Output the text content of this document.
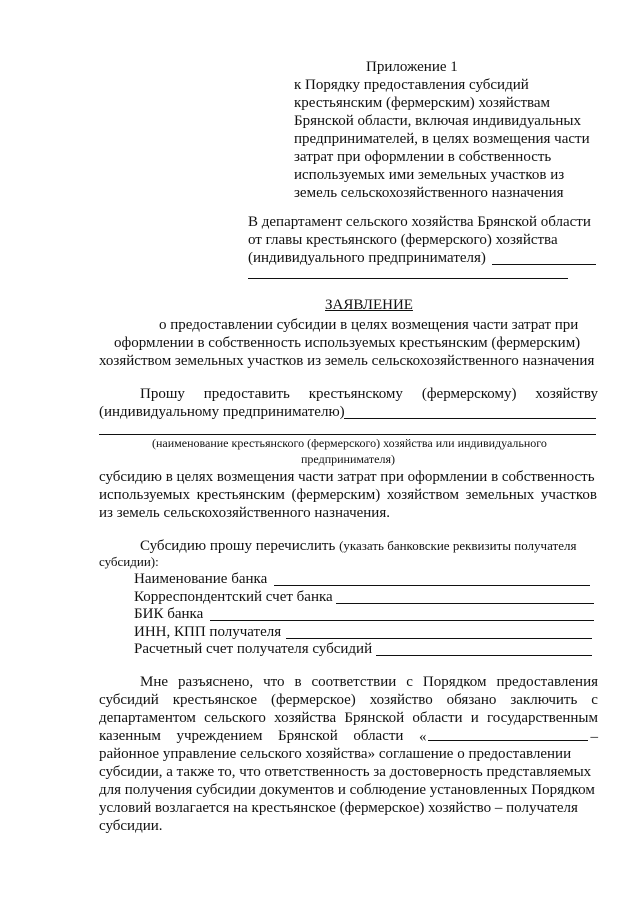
Приложение 1
к Порядку предоставления субсидий
крестьянским (фермерским) хозяйствам
Брянской области, включая индивидуальных
предпринимателей, в целях возмещения части
затрат при оформлении в собственность
используемых ими земельных участков из
земель сельскохозяйственного назначения
В департамент сельского хозяйства Брянской области
от главы крестьянского (фермерского) хозяйства
(индивидуального предпринимателя)
ЗАЯВЛЕНИЕ
о предоставлении субсидии в целях возмещения части затрат при
оформлении в собственность используемых крестьянским (фермерским)
хозяйством земельных участков из земель сельскохозяйственного назначения
Прошу предоставить крестьянскому (фермерскому) хозяйству
(индивидуальному предпринимателю)
(наименование крестьянского (фермерского) хозяйства или индивидуального
предпринимателя)
субсидию в целях возмещения части затрат при оформлении в собственность
используемых крестьянским (фермерским) хозяйством земельных участков
из земель сельскохозяйственного назначения.
Субсидию прошу перечислить (указать банковские реквизиты получателя
субсидии):
Наименование банка
Корреспондентский счет банка
БИК банка
ИНН, КПП получателя
Расчетный счет получателя субсидий
Мне разъяснено, что в соответствии с Порядком предоставления
субсидий крестьянское (фермерское) хозяйство обязано заключить с
департаментом сельского хозяйства Брянской области и государственным
казенным учреждением Брянской области «	–
районное управление сельского хозяйства» соглашение о предоставлении
субсидии, а также то, что ответственность за достоверность представляемых
для получения субсидии документов и соблюдение установленных Порядком
условий возлагается на крестьянское (фермерское) хозяйство – получателя
субсидии.
